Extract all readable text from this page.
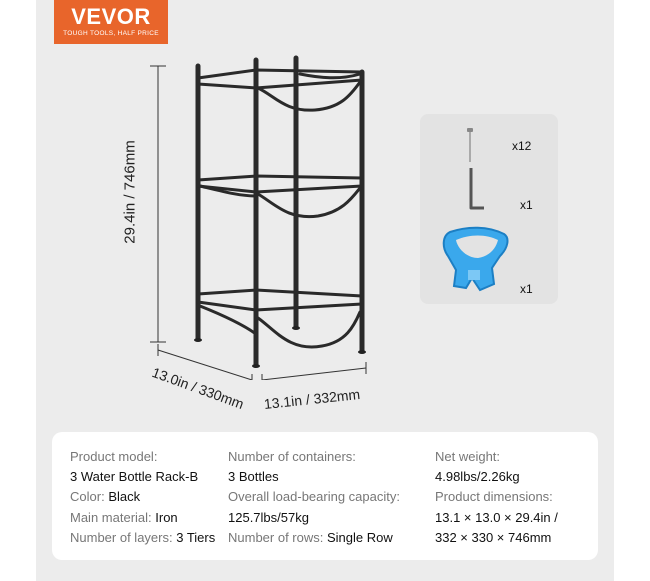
VEVOR
TOUGH TOOLS, HALF PRICE
29.4in / 746mm
13.0in / 330mm 13.1in / 332mm
x12
x1
x1
Product model:
3 Water Bottle Rack-B
Color: Black
Main material: Iron
Number of layers: 3 Tiers
Number of containers:
3 Bottles
Overall load-bearing capacity:
125.7lbs/57kg
Number of rows: Single Row
Net weight:
4.98lbs/2.26kg
Product dimensions:
13.1 × 13.0 × 29.4in /
332 × 330 × 746mm
